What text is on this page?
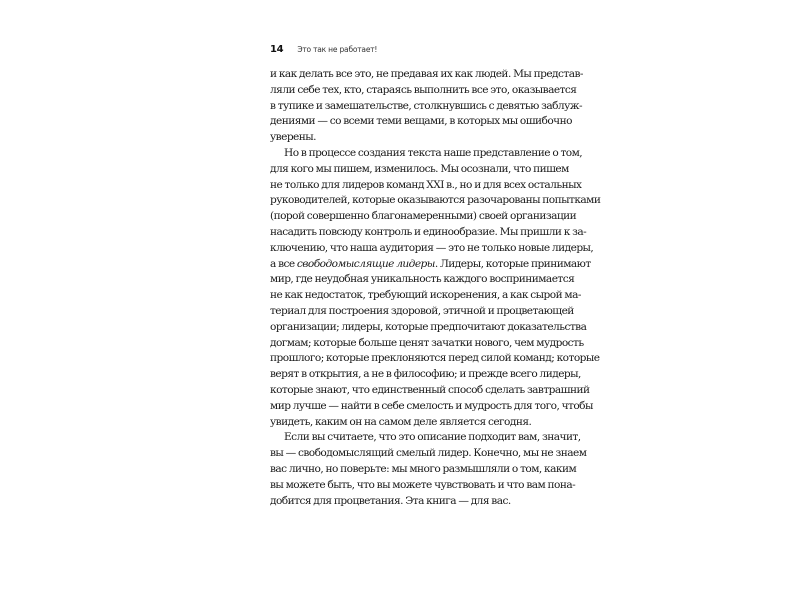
14 Это так не работает!
и как делать все это, не предавая их как людей. Мы представ-
ляли себе тех, кто, стараясь выполнить все это, оказывается
в тупике и замешательстве, столкнувшись с девятью заблуж-
дениями — со всеми теми вещами, в которых мы ошибочно
уверены.
Но в процессе создания текста наше представление о том,
для кого мы пишем, изменилось. Мы осознали, что пишем
не только для лидеров команд XXI в., но и для всех остальных
руководителей, которые оказываются разочарованы попытками
(порой совершенно благонамеренными) своей организации
насадить повсюду контроль и единообразие. Мы пришли к за-
ключению, что наша аудитория — это не только новые лидеры,
а все свободомыслящие лидеры. Лидеры, которые принимают
мир, где неудобная уникальность каждого воспринимается
не как недостаток, требующий искоренения, а как сырой ма-
териал для построения здоровой, этичной и процветающей
организации; лидеры, которые предпочитают доказательства
догмам; которые больше ценят зачатки нового, чем мудрость
прошлого; которые преклоняются перед силой команд; которые
верят в открытия, а не в философию; и прежде всего лидеры,
которые знают, что единственный способ сделать завтрашний
мир лучше — найти в себе смелость и мудрость для того, чтобы
увидеть, каким он на самом деле является сегодня.
Если вы считаете, что это описание подходит вам, значит,
вы — свободомыслящий смелый лидер. Конечно, мы не знаем
вас лично, но поверьте: мы много размышляли о том, каким
вы можете быть, что вы можете чувствовать и что вам пона-
добится для процветания. Эта книга — для вас.
